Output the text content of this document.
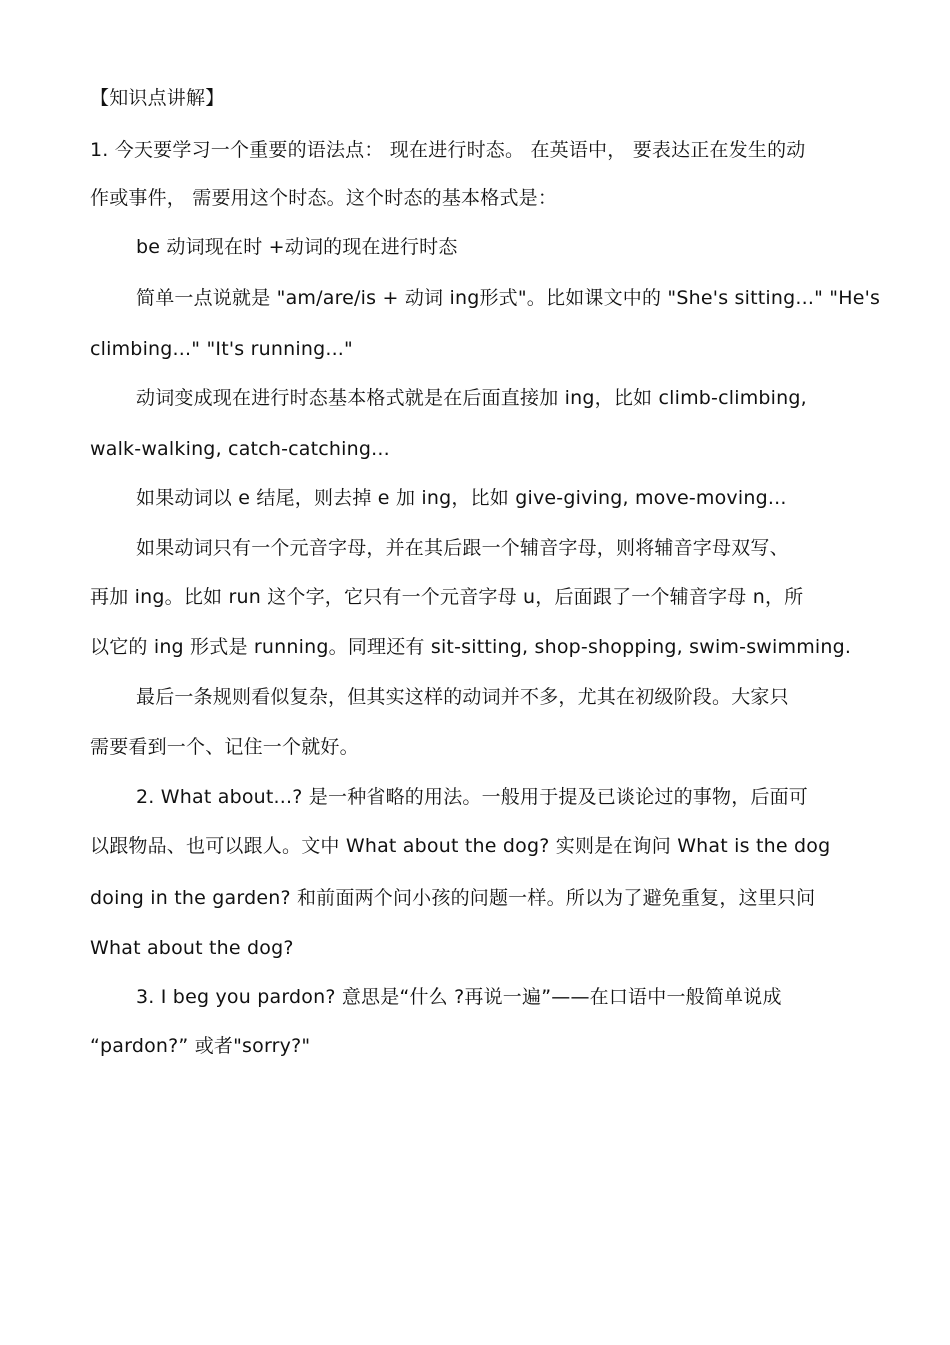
【知识点讲解】
1. 今天要学习一个重要的语法点： 现在进行时态。 在英语中， 要表达正在发生的动
作或事件， 需要用这个时态。这个时态的基本格式是：
be 动词现在时 +动词的现在进行时态
简单一点说就是 "am/are/is + 动词 ing形式"。比如课文中的 "She's sitting..." "He's
climbing..." "It's running..."
动词变成现在进行时态基本格式就是在后面直接加 ing，比如 climb-climbing,
walk-walking, catch-catching...
如果动词以 e 结尾，则去掉 e 加 ing，比如 give-giving, move-moving...
如果动词只有一个元音字母，并在其后跟一个辅音字母，则将辅音字母双写、
再加 ing。比如 run 这个字，它只有一个元音字母 u，后面跟了一个辅音字母 n，所
以它的 ing 形式是 running。同理还有 sit-sitting, shop-shopping, swim-swimming.
最后一条规则看似复杂，但其实这样的动词并不多，尤其在初级阶段。大家只
需要看到一个、记住一个就好。
2. What about...? 是一种省略的用法。一般用于提及已谈论过的事物，后面可
以跟物品、也可以跟人。文中 What about the dog? 实则是在询问 What is the dog
doing in the garden? 和前面两个问小孩的问题一样。所以为了避免重复，这里只问
What about the dog?
3. I beg you pardon? 意思是“什么 ?再说一遍”——在口语中一般简单说成
“pardon?” 或者"sorry?"
